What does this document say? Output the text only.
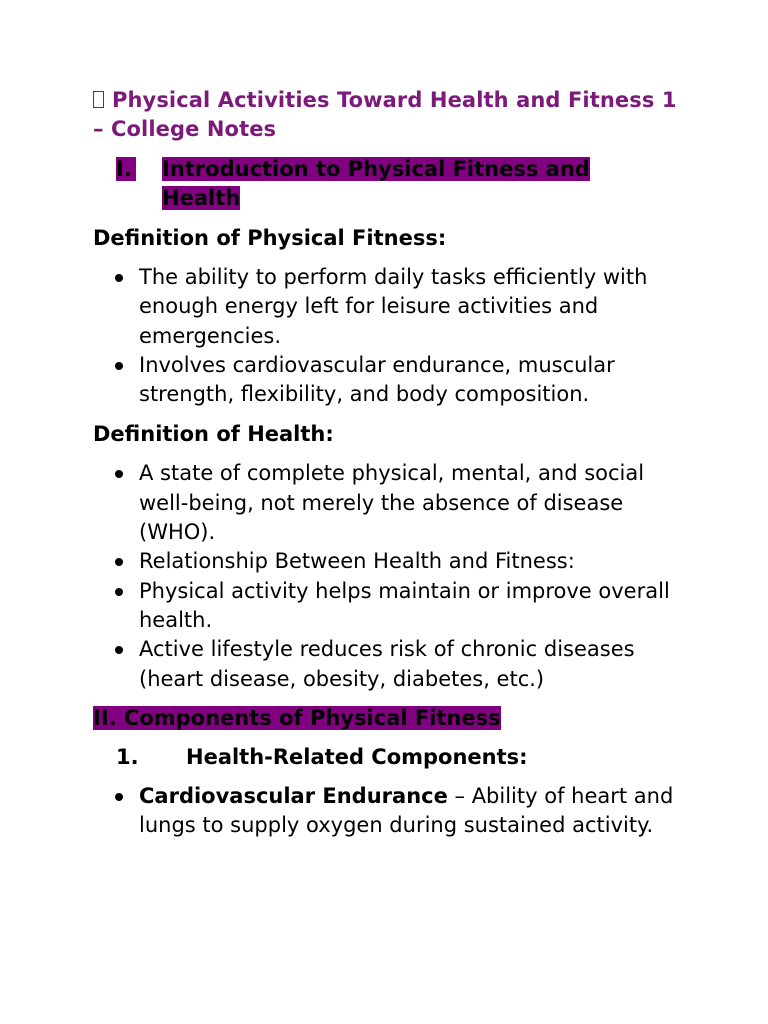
Physical Activities Toward Health and Fitness 1 – College Notes
I. Introduction to Physical Fitness and Health
Definition of Physical Fitness:
The ability to perform daily tasks efficiently with enough energy left for leisure activities and emergencies.
Involves cardiovascular endurance, muscular strength, flexibility, and body composition.
Definition of Health:
A state of complete physical, mental, and social well-being, not merely the absence of disease (WHO).
Relationship Between Health and Fitness:
Physical activity helps maintain or improve overall health.
Active lifestyle reduces risk of chronic diseases (heart disease, obesity, diabetes, etc.)
II. Components of Physical Fitness
1. Health-Related Components:
Cardiovascular Endurance – Ability of heart and lungs to supply oxygen during sustained activity.
